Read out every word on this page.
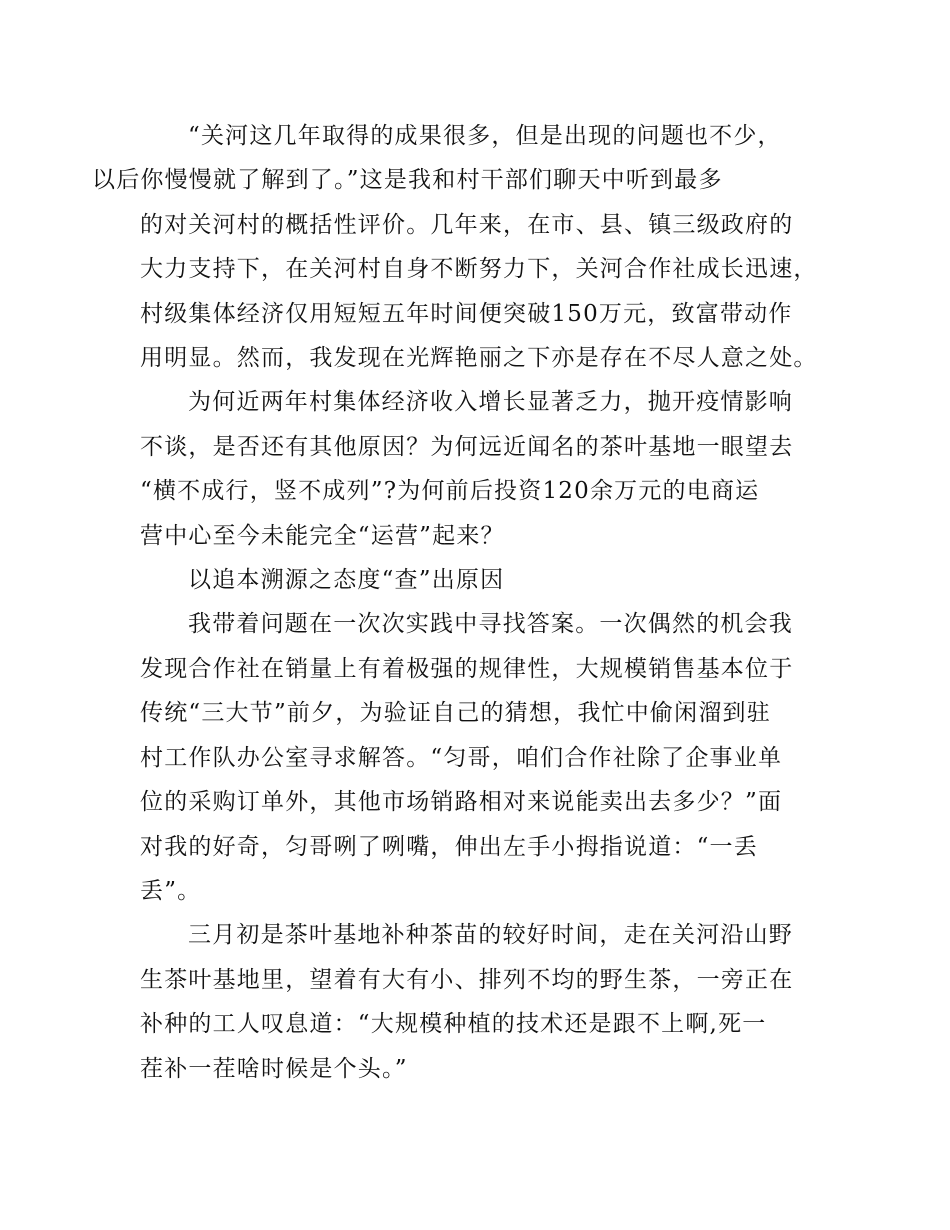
“关河这几年取得的成果很多，但是出现的问题也不少，
以后你慢慢就了解到了。”这是我和村干部们聊天中听到最多
的对关河村的概括性评价。几年来，在市、县、镇三级政府的
大力支持下，在关河村自身不断努力下，关河合作社成长迅速，
村级集体经济仅用短短五年时间便突破150万元，致富带动作
用明显。然而，我发现在光辉艳丽之下亦是存在不尽人意之处。

为何近两年村集体经济收入增长显著乏力，抛开疫情影响
不谈，是否还有其他原因？为何远近闻名的茶叶基地一眼望去
“横不成行，竖不成列”?为何前后投资120余万元的电商运
营中心至今未能完全“运营”起来？

以追本溯源之态度“查”出原因

我带着问题在一次次实践中寻找答案。一次偶然的机会我
发现合作社在销量上有着极强的规律性，大规模销售基本位于
传统“三大节”前夕，为验证自己的猜想，我忙中偷闲溜到驻
村工作队办公室寻求解答。“匀哥，咱们合作社除了企事业单
位的采购订单外，其他市场销路相对来说能卖出去多少？”面
对我的好奇，匀哥咧了咧嘴，伸出左手小拇指说道：“一丢
丢”。

三月初是茶叶基地补种茶苗的较好时间，走在关河沿山野
生茶叶基地里，望着有大有小、排列不均的野生茶，一旁正在
补种的工人叹息道：“大规模种植的技术还是跟不上啊,死一
茬补一茬啥时候是个头。”
